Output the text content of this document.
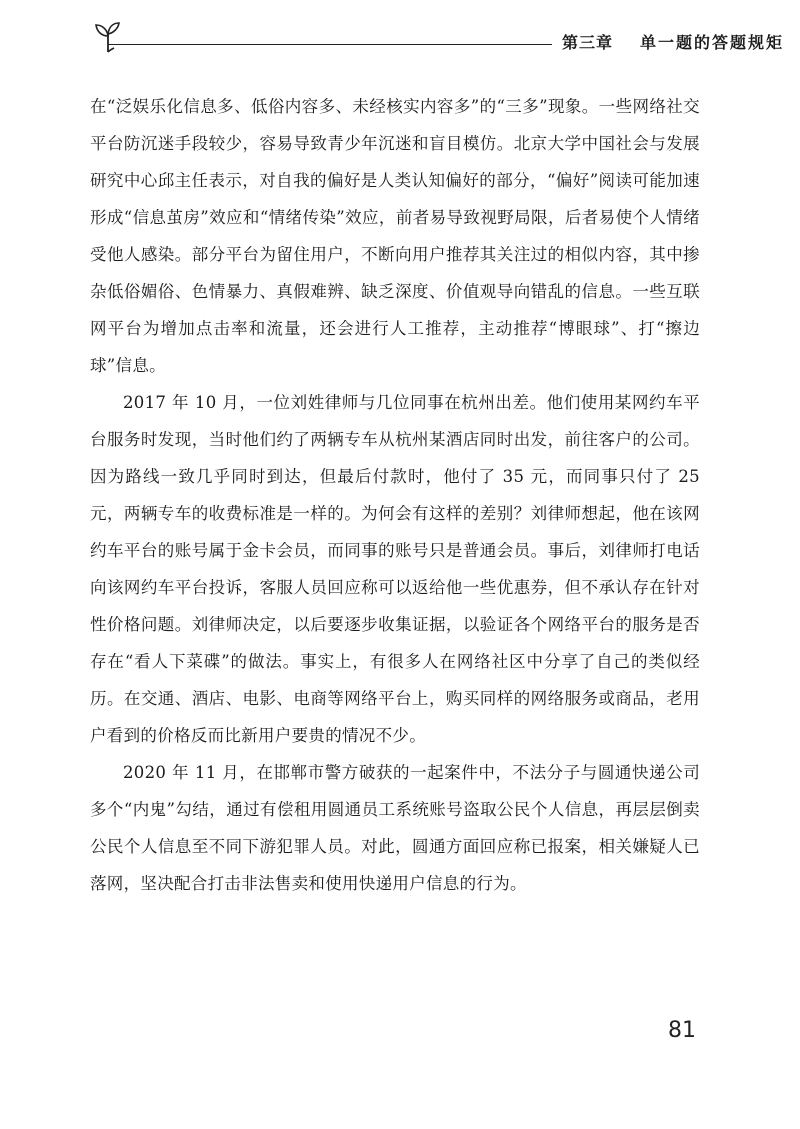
第三章 单一题的答题规矩

在“泛娱乐化信息多、低俗内容多、未经核实内容多”的“三多”现象。一些网络社交平台防沉迷手段较少，容易导致青少年沉迷和盲目模仿。北京大学中国社会与发展研究中心邱主任表示，对自我的偏好是人类认知偏好的部分，“偏好”阅读可能加速形成“信息茧房”效应和“情绪传染”效应，前者易导致视野局限，后者易使个人情绪受他人感染。部分平台为留住用户，不断向用户推荐其关注过的相似内容，其中掺杂低俗媚俗、色情暴力、真假难辨、缺乏深度、价值观导向错乱的信息。一些互联网平台为增加点击率和流量，还会进行人工推荐，主动推荐“博眼球”、打“擦边球”信息。

2017 年 10 月，一位刘姓律师与几位同事在杭州出差。他们使用某网约车平台服务时发现，当时他们约了两辆专车从杭州某酒店同时出发，前往客户的公司。因为路线一致几乎同时到达，但最后付款时，他付了 35 元，而同事只付了 25 元，两辆专车的收费标准是一样的。为何会有这样的差别？刘律师想起，他在该网约车平台的账号属于金卡会员，而同事的账号只是普通会员。事后，刘律师打电话向该网约车平台投诉，客服人员回应称可以返给他一些优惠券，但不承认存在针对性价格问题。刘律师决定，以后要逐步收集证据，以验证各个网络平台的服务是否存在“看人下菜碟”的做法。事实上，有很多人在网络社区中分享了自己的类似经历。在交通、酒店、电影、电商等网络平台上，购买同样的网络服务或商品，老用户看到的价格反而比新用户要贵的情况不少。

2020 年 11 月，在邯郸市警方破获的一起案件中，不法分子与圆通快递公司多个“内鬼”勾结，通过有偿租用圆通员工系统账号盗取公民个人信息，再层层倒卖公民个人信息至不同下游犯罪人员。对此，圆通方面回应称已报案，相关嫌疑人已落网，坚决配合打击非法售卖和使用快递用户信息的行为。

81
